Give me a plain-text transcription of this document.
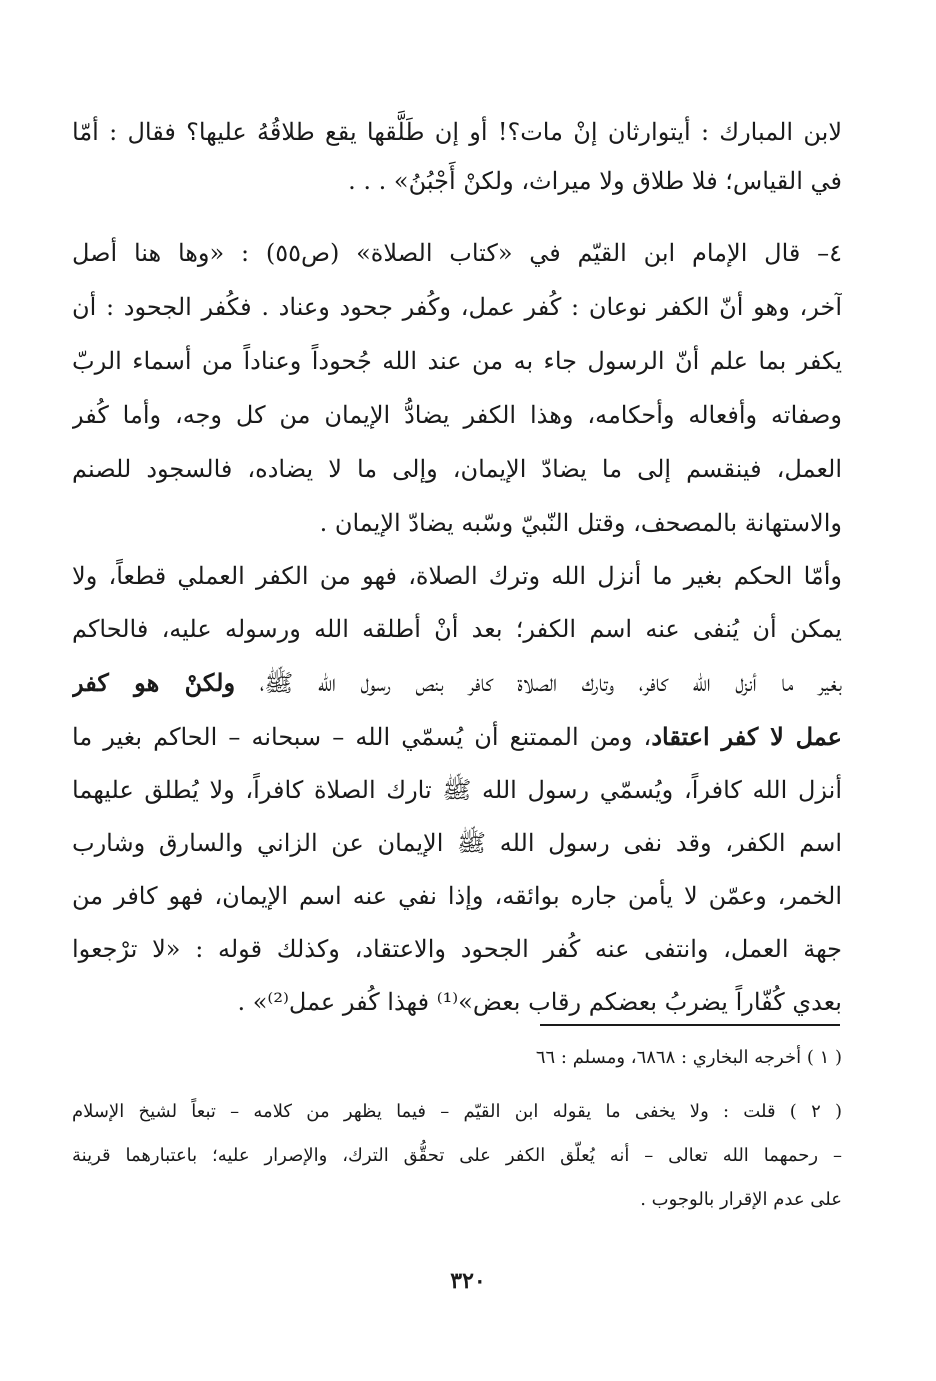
لابن المبارك : أيتوارثان إنْ مات؟! أو إن طَلَّقها يقع طلاقُهُ عليها؟ فقال : أمّا
في القياس؛ فلا طلاق ولا ميراث، ولكنْ أَجْبُنُ» . . .
٤– قال الإمام ابن القيّم في «كتاب الصلاة» (ص٥٥) : «وها هنا أصل
آخر، وهو أنّ الكفر نوعان : كُفر عمل، وكُفر جحود وعناد . فكُفر الجحود : أن
يكفر بما علم أنّ الرسول جاء به من عند الله جُحوداً وعناداً من أسماء الربّ
وصفاته وأفعاله وأحكامه، وهذا الكفر يضادُّ الإيمان من كل وجه، وأما كُفر
العمل، فينقسم إلى ما يضادّ الإيمان، وإلى ما لا يضاده، فالسجود للصنم
والاستهانة بالمصحف، وقتل النّبيّ وسّبه يضادّ الإيمان .
وأمّا الحكم بغير ما أنزل الله وترك الصلاة، فهو من الكفر العملي قطعاً، ولا
يمكن أن يُنفى عنه اسم الكفر؛ بعد أنْ أطلقه الله ورسوله عليه، فالحاكم
بغير ما أنزل الله كافر، وتارك الصلاة كافر بنص رسول الله ﷺ، ولكنْ هو كفر
عمل لا كفر اعتقاد، ومن الممتنع أن يُسمّي الله – سبحانه – الحاكم بغير ما
أنزل الله كافراً، ويُسمّي رسول الله ﷺ تارك الصلاة كافراً، ولا يُطلق عليهما
اسم الكفر، وقد نفى رسول الله ﷺ الإيمان عن الزاني والسارق وشارب
الخمر، وعمّن لا يأمن جاره بوائقه، وإذا نفي عنه اسم الإيمان، فهو كافر من
جهة العمل، وانتفى عنه كُفر الجحود والاعتقاد، وكذلك قوله : «لا ترْجعوا
بعدي كُفّاراً يضربُ بعضكم رقاب بعض»⁽¹⁾ فهذا كُفر عمل⁽²⁾» .
( ١ ) أخرجه البخاري : ٦٨٦٨، ومسلم : ٦٦
( ٢ ) قلت : ولا يخفى ما يقوله ابن القيّم – فيما يظهر من كلامه – تبعاً لشيخ الإسلام
– رحمهما الله تعالى – أنه يُعلّق الكفر على تحقُّق الترك، والإصرار عليه؛ باعتبارهما قرينة
على عدم الإقرار بالوجوب .
٣٢٠
